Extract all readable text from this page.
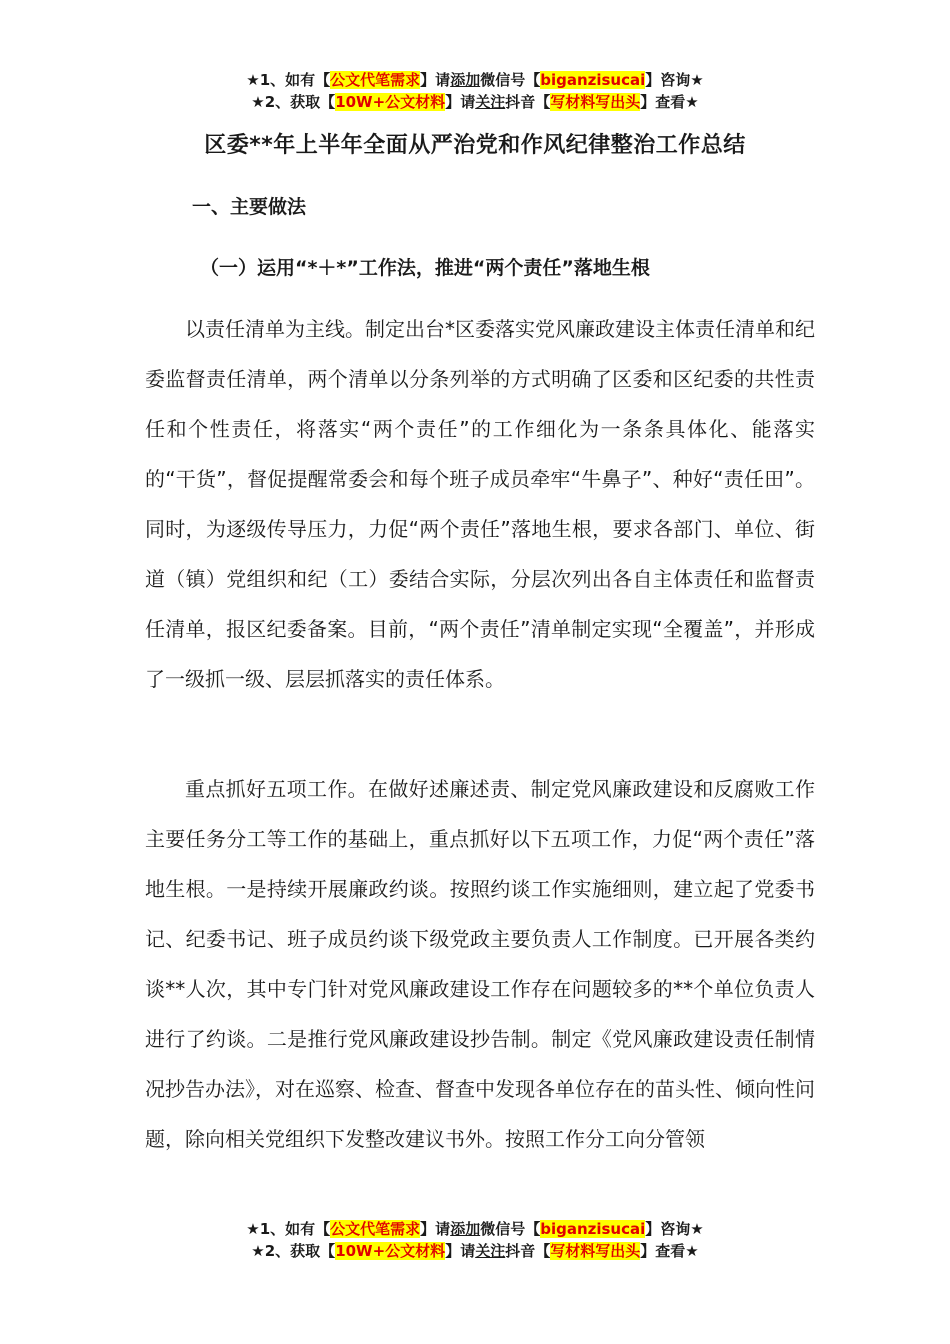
★1、如有【公文代笔需求】请添加微信号【biganzisucai】咨询★
★2、获取【10W+公文材料】请关注抖音【写材料写出头】查看★
区委**年上半年全面从严治党和作风纪律整治工作总结
一、主要做法
（一）运用“*＋*”工作法，推进“两个责任”落地生根

以责任清单为主线。制定出台*区委落实党风廉政建设主体责任清单和纪委监督责任清单，两个清单以分条列举的方式明确了区委和区纪委的共性责任和个性责任，将落实“两个责任”的工作细化为一条条具体化、能落实的“干货”，督促提醒常委会和每个班子成员牵牢“牛鼻子”、种好“责任田”。同时，为逐级传导压力，力促“两个责任”落地生根，要求各部门、单位、街道（镇）党组织和纪（工）委结合实际，分层次列出各自主体责任和监督责任清单，报区纪委备案。目前，“两个责任”清单制定实现“全覆盖”，并形成了一级抓一级、层层抓落实的责任体系。

重点抓好五项工作。在做好述廉述责、制定党风廉政建设和反腐败工作主要任务分工等工作的基础上，重点抓好以下五项工作，力促“两个责任”落地生根。一是持续开展廉政约谈。按照约谈工作实施细则，建立起了党委书记、纪委书记、班子成员约谈下级党政主要负责人工作制度。已开展各类约谈**人次，其中专门针对党风廉政建设工作存在问题较多的**个单位负责人进行了约谈。二是推行党风廉政建设抄告制。制定《党风廉政建设责任制情况抄告办法》，对在巡察、检查、督查中发现各单位存在的苗头性、倾向性问题，除向相关党组织下发整改建议书外。按照工作分工向分管领

★1、如有【公文代笔需求】请添加微信号【biganzisucai】咨询★
★2、获取【10W+公文材料】请关注抖音【写材料写出头】查看★
